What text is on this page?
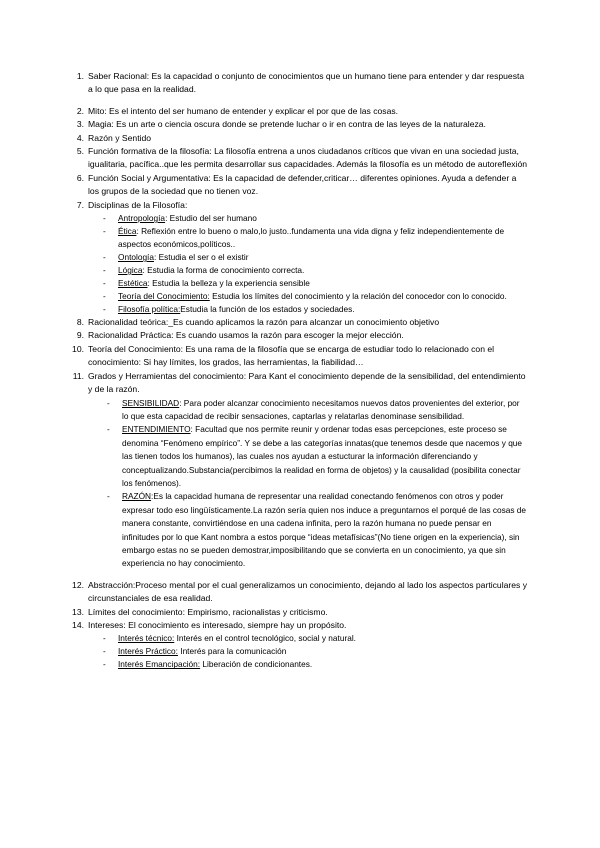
1. Saber Racional: Es la capacidad o conjunto de conocimientos que un humano tiene para entender y dar respuesta a lo que pasa en la realidad.
2. Mito: Es el intento del ser humano de entender y explicar el por que de las cosas.
3. Magia: Es un arte o ciencia oscura donde se pretende luchar o ir en contra de las leyes de la naturaleza.
4. Razón y Sentido
5. Función formativa de la filosofía: La filosofía entrena a unos ciudadanos críticos que vivan en una sociedad justa, igualitaria, pacífica..que les permita desarrollar sus capacidades. Además la filosofía es un método de autoreflexión
6. Función Social y Argumentativa: Es la capacidad de defender,criticar… diferentes opiniones. Ayuda a defender a los grupos de la sociedad que no tienen voz.
7. Disciplinas de la Filosofía:
- Antropología: Estudio del ser humano
- Ética: Reflexión entre lo bueno o malo,lo justo..fundamenta una vida digna y feliz independientemente de aspectos económicos,políticos..
- Ontología: Estudia el ser o el existir
- Lógica: Estudia la forma de conocimiento correcta.
- Estética: Estudia la belleza y la experiencia sensible
- Teoría del Conocimiento: Estudia los límites del conocimiento y la relación del conocedor con lo conocido.
- Filosofía política:Estudia la función de los estados y sociedades.
8. Racionalidad teórica:_Es cuando aplicamos la razón para alcanzar un conocimiento objetivo
9. Racionalidad Práctica: Es cuando usamos la razón para escoger la mejor elección.
10. Teoría del Conocimiento: Es una rama de la filosofía que se encarga de estudiar todo lo relacionado con el conocimiento: Si hay límites, los grados, las herramientas, la fiabilidad…
11. Grados y Herramientas del conocimiento: Para Kant el conocimiento depende de la sensibilidad, del entendimiento y de la razón.
- SENSIBILIDAD: Para poder alcanzar conocimiento necesitamos nuevos datos provenientes del exterior, por lo que esta capacidad de recibir sensaciones, captarlas y relatarlas denominase sensibilidad.
- ENTENDIMIENTO: Facultad que nos permite reunir y ordenar todas esas percepciones, este proceso se denomina “Fenómeno empírico”. Y se debe a las categorías innatas(que tenemos desde que nacemos y que las tienen todos los humanos), las cuales nos ayudan a estucturar la información diferenciando y conceptualizando.Substancia(percibimos la realidad en forma de objetos) y la causalidad (posibilita conectar los fenómenos).
- RAZÓN:Es la capacidad humana de representar una realidad conectando fenómenos con otros y poder expresar todo eso lingüísticamente.La razón sería quien nos induce a preguntarnos el porqué de las cosas de manera constante, convirtiéndose en una cadena infinita, pero la razón humana no puede pensar en infinitudes por lo que Kant nombra a estos porque “ideas metafísicas”(No tiene origen en la experiencia), sin embargo estas no se pueden demostrar,imposibilitando que se convierta en un conocimiento, ya que sin experiencia no hay conocimiento.
12. Abstracción:Proceso mental por el cual generalizamos un conocimiento, dejando al lado los aspectos particulares y circunstanciales de esa realidad.
13. Límites del conocimiento: Empirismo, racionalistas y criticismo.
14. Intereses: El conocimiento es interesado, siempre hay un propósito.
- Interés técnico: Interés en el control tecnológico, social y natural.
- Interés Práctico: Interés para la comunicación
- Interés Emancipación: Liberación de condicionantes.
